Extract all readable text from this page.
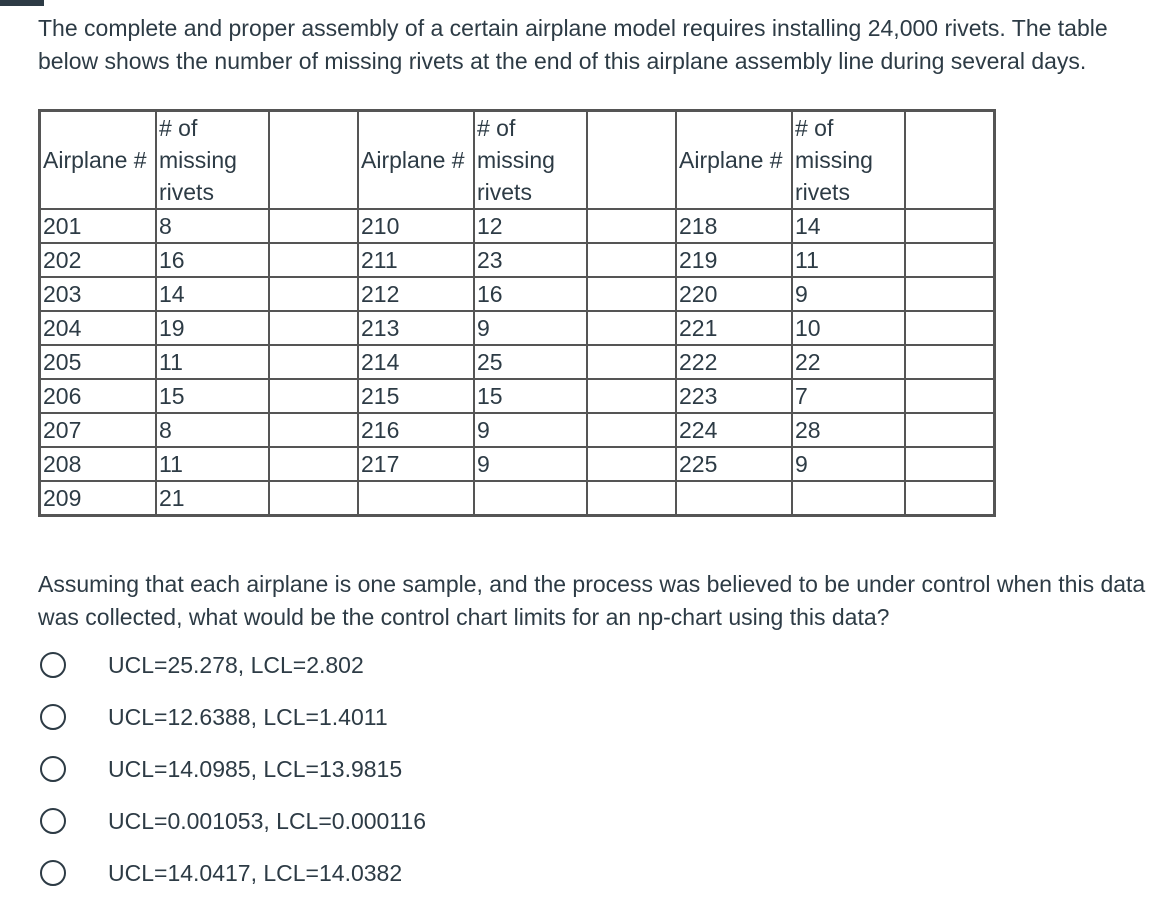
The complete and proper assembly of a certain airplane model requires installing 24,000 rivets. The table below shows the number of missing rivets at the end of this airplane assembly line during several days.
Airplane #	# of missing rivets		Airplane #	# of missing rivets		Airplane #	# of missing rivets	
201	8		210	12		218	14	
202	16		211	23		219	11	
203	14		212	16		220	9	
204	19		213	9		221	10	
205	11		214	25		222	22	
206	15		215	15		223	7	
207	8		216	9		224	28	
208	11		217	9		225	9	
209	21							
Assuming that each airplane is one sample, and the process was believed to be under control when this data was collected, what would be the control chart limits for an np-chart using this data?
UCL=25.278, LCL=2.802
UCL=12.6388, LCL=1.4011
UCL=14.0985, LCL=13.9815
UCL=0.001053, LCL=0.000116
UCL=14.0417, LCL=14.0382
